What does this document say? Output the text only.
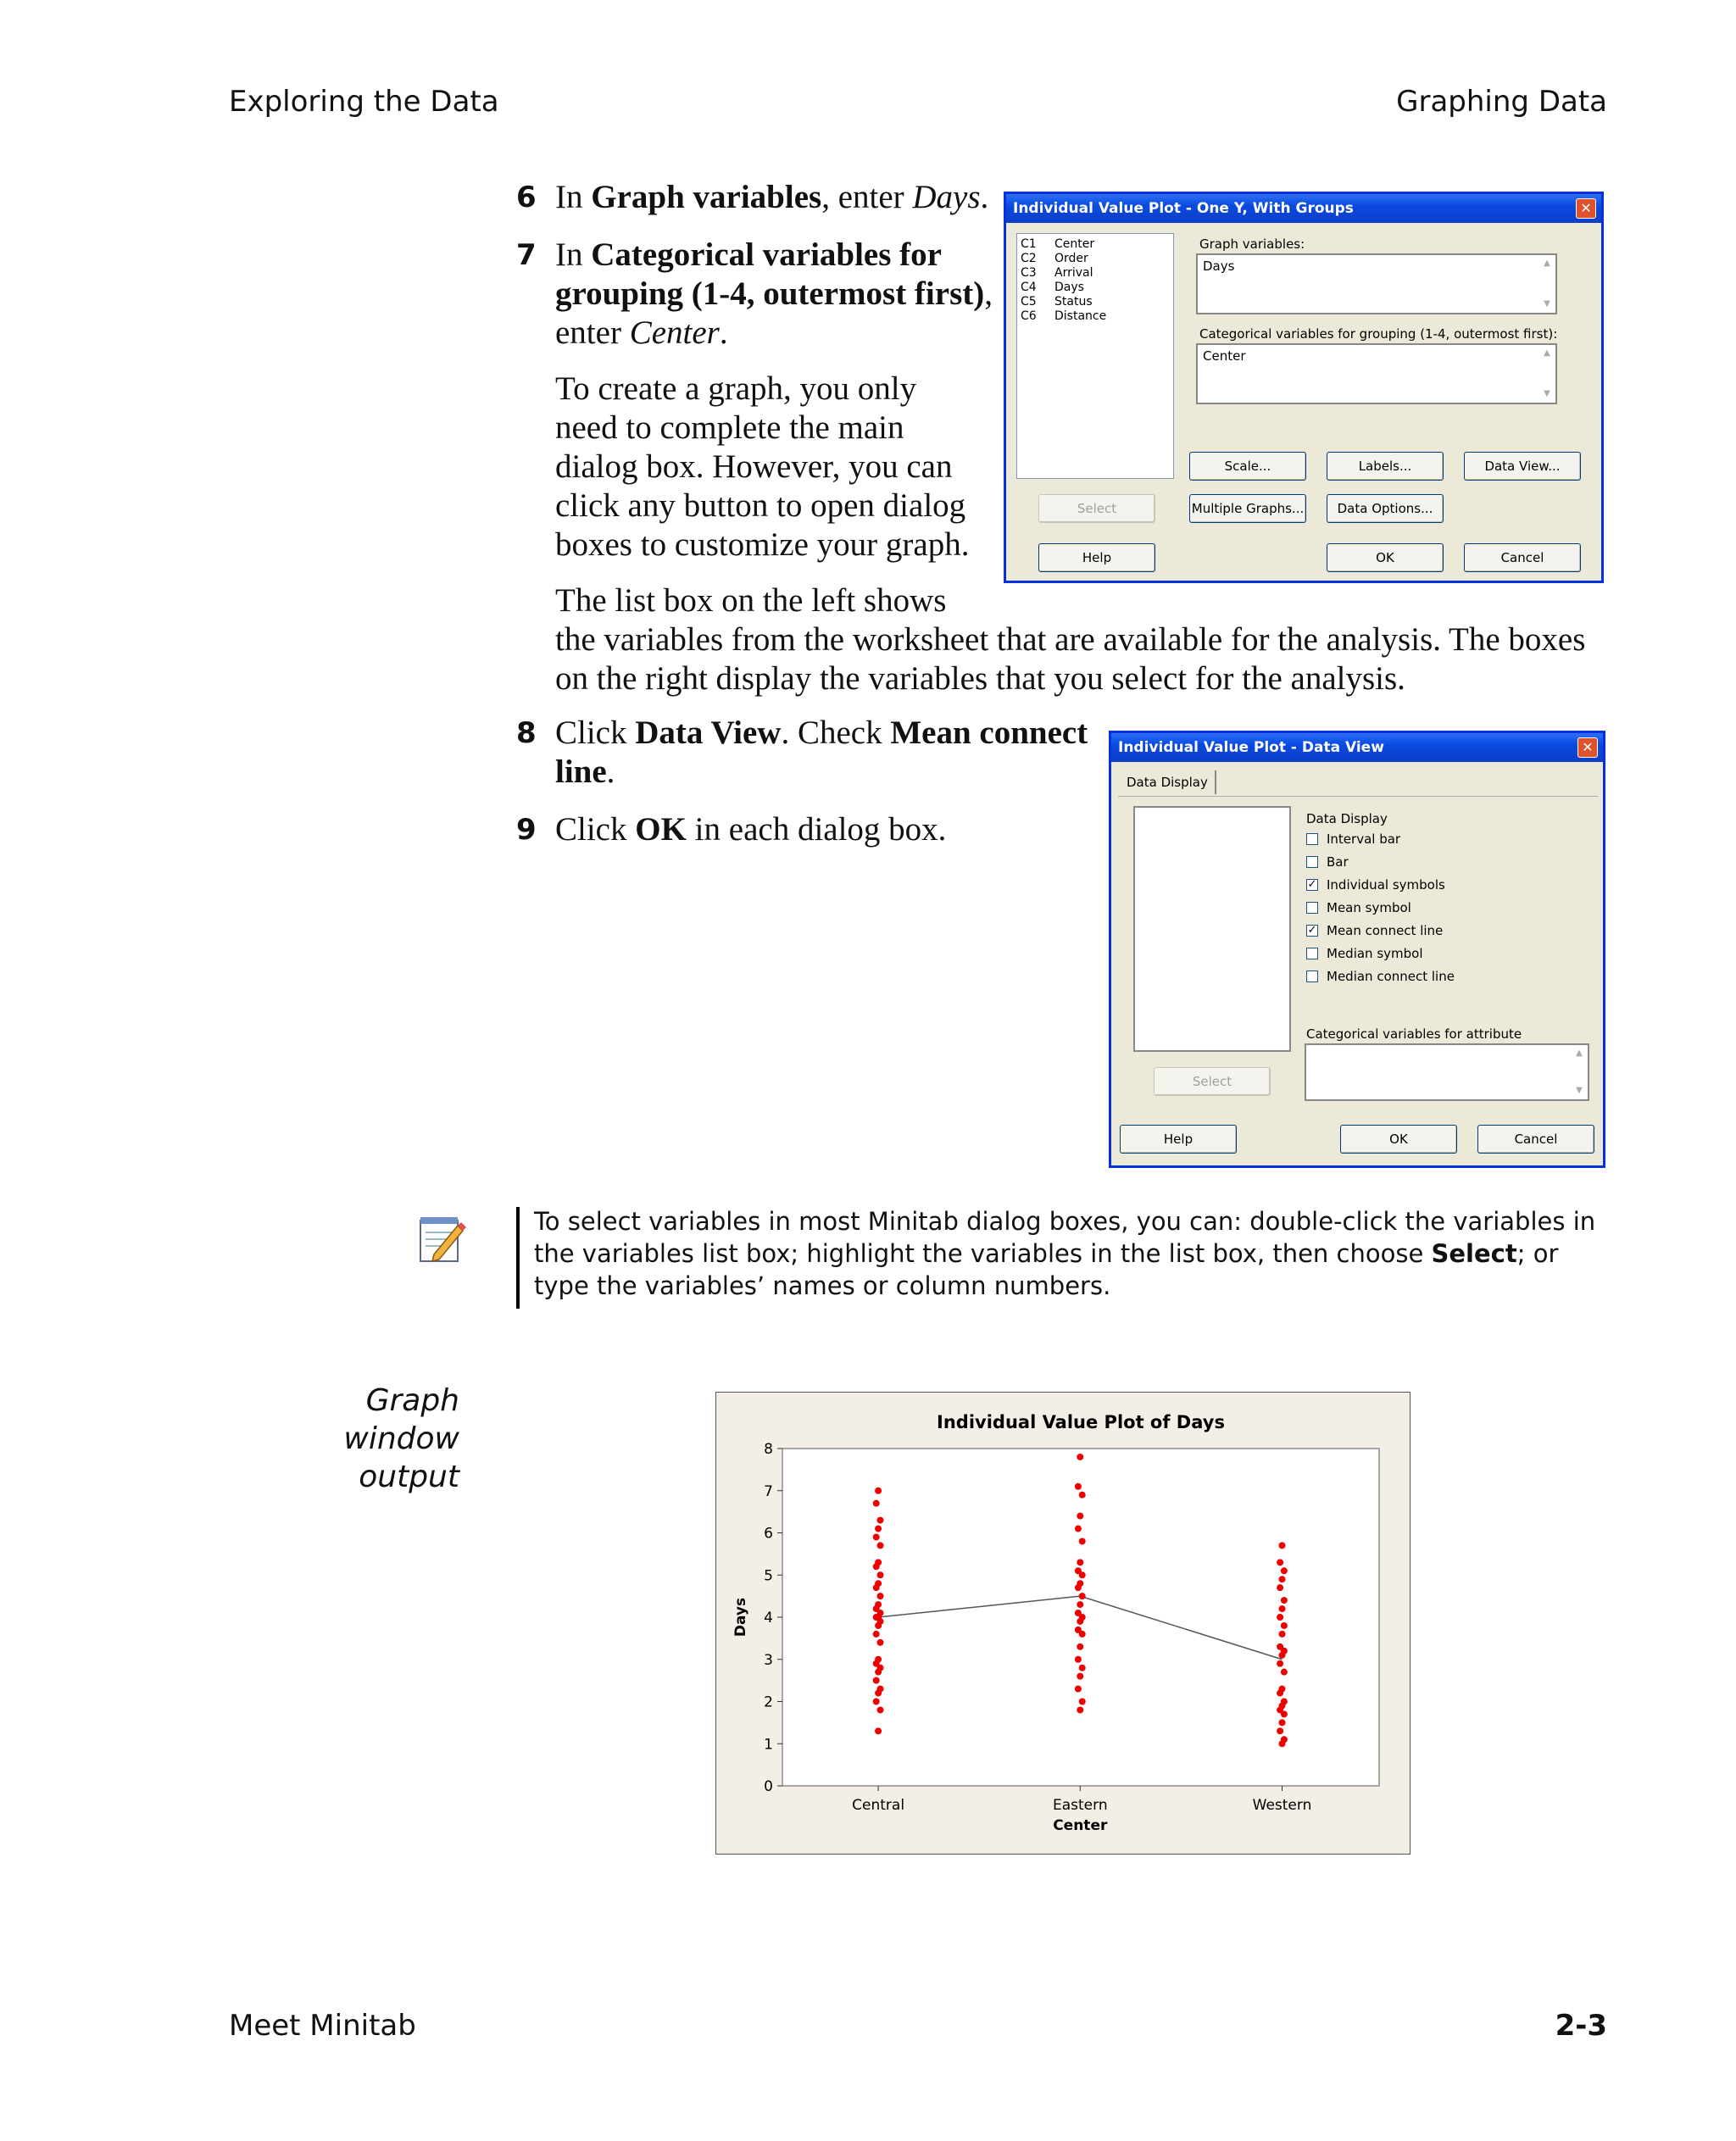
Exploring the Data	Graphing Data
6 In Graph variables, enter Days.
7 In Categorical variables for grouping (1-4, outermost first), enter Center.
To create a graph, you only need to complete the main dialog box. However, you can click any button to open dialog boxes to customize your graph.
The list box on the left shows
the variables from the worksheet that are available for the analysis. The boxes on the right display the variables that you select for the analysis.
8 Click Data View. Check Mean connect line.
9 Click OK in each dialog box.
Individual Value Plot - One Y, With Groups	✕
C1 Center
C2 Order
C3 Arrival
C4 Days
C5 Status
C6 Distance
Graph variables:
Days	▲
▼
Categorical variables for grouping (1-4, outermost first):
Center	▲
▼
Scale...	Labels...	Data View...
Select	Multiple Graphs...	Data Options...
Help	OK	Cancel
Individual Value Plot - Data View	✕
Data Display
Data Display
Interval bar
Bar
✓ Individual symbols
Mean symbol
✓ Mean connect line
Median symbol
Median connect line
Categorical variables for attribute
▲
▼
Select
Help	OK	Cancel
To select variables in most Minitab dialog boxes, you can: double-click the variables in the variables list box; highlight the variables in the list box, then choose Select; or type the variables’ names or column numbers.
Graph
window
output
Individual Value Plot of Days
0
1
2
3
4
5
6
7
8
Days
Central	Eastern	Western
Center
Meet Minitab	2-3
